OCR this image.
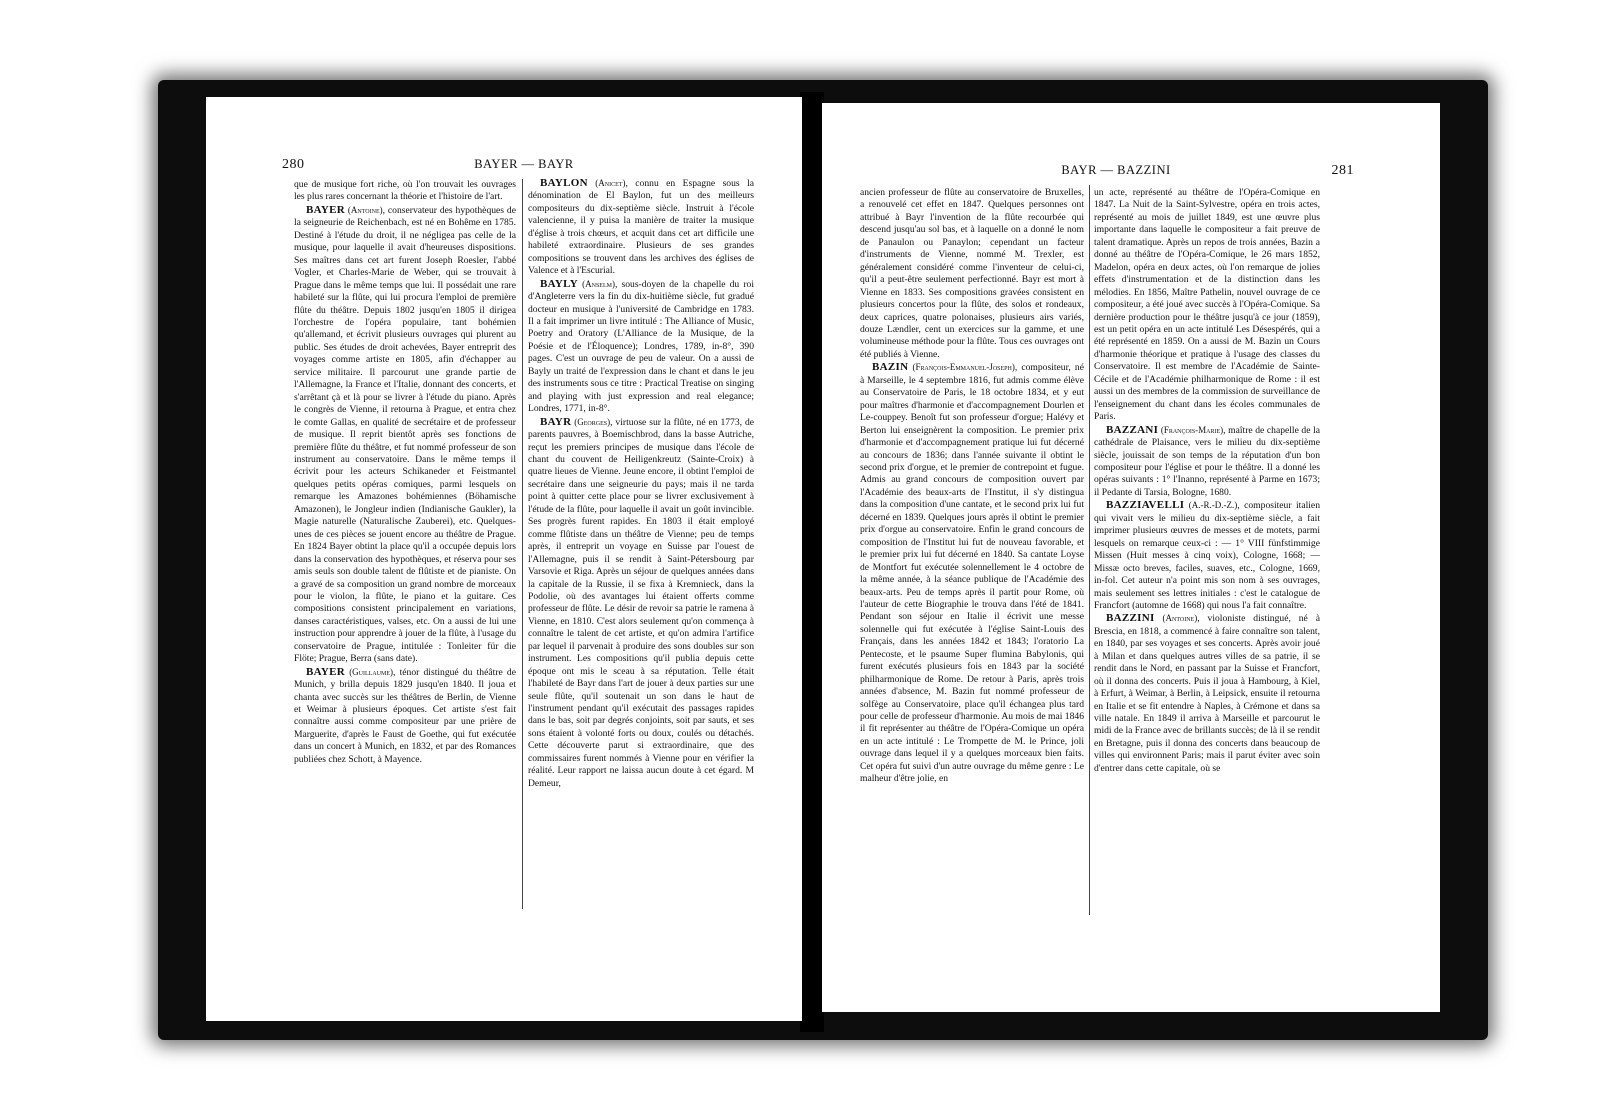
280	BAYER — BAYR

que de musique fort riche, où l'on trouvait les ouvrages les plus rares concernant la théorie et l'histoire de l'art.

BAYER (Antoine), conservateur des hypothèques de la seigneurie de Reichenbach, est né en Bohême en 1785. Destiné à l'étude du droit, il ne négligea pas celle de la musique, pour laquelle il avait d'heureuses dispositions. Ses maîtres dans cet art furent Joseph Roesler, l'abbé Vogler, et Charles-Marie de Weber, qui se trouvait à Prague dans le même temps que lui. Il possédait une rare habileté sur la flûte, qui lui procura l'emploi de première flûte du théâtre. Depuis 1802 jusqu'en 1805 il dirigea l'orchestre de l'opéra populaire, tant bohémien qu'allemand, et écrivit plusieurs ouvrages qui plurent au public. Ses études de droit achevées, Bayer entreprit des voyages comme artiste en 1805, afin d'échapper au service militaire. Il parcourut une grande partie de l'Allemagne, la France et l'Italie, donnant des concerts, et s'arrêtant çà et là pour se livrer à l'étude du piano. Après le congrès de Vienne, il retourna à Prague, et entra chez le comte Gallas, en qualité de secrétaire et de professeur de musique. Il reprit bientôt après ses fonctions de première flûte du théâtre, et fut nommé professeur de son instrument au conservatoire. Dans le même temps il écrivit pour les acteurs Schikaneder et Feistmantel quelques petits opéras comiques, parmi lesquels on remarque les Amazones bohémiennes (Böhamische Amazonen), le Jongleur indien (Indianische Gaukler), la Magie naturelle (Naturalische Zauberei), etc. Quelques-unes de ces pièces se jouent encore au théâtre de Prague. En 1824 Bayer obtint la place qu'il a occupée depuis lors dans la conservation des hypothèques, et réserva pour ses amis seuls son double talent de flûtiste et de pianiste. On a gravé de sa composition un grand nombre de morceaux pour le violon, la flûte, le piano et la guitare. Ces compositions consistent principalement en variations, danses caractéristiques, valses, etc. On a aussi de lui une instruction pour apprendre à jouer de la flûte, à l'usage du conservatoire de Prague, intitulée : Tonleiter für die Flöte; Prague, Berra (sans date).

BAYER (Guillaume), ténor distingué du théâtre de Munich, y brilla depuis 1829 jusqu'en 1840. Il joua et chanta avec succès sur les théâtres de Berlin, de Vienne et Weimar à plusieurs époques. Cet artiste s'est fait connaître aussi comme compositeur par une prière de Marguerite, d'après le Faust de Goethe, qui fut exécutée dans un concert à Munich, en 1832, et par des Romances publiées chez Schott, à Mayence.

BAYLON (Anicet), connu en Espagne sous la dénomination de El Baylon, fut un des meilleurs compositeurs du dix-septième siècle. Instruit à l'école valencienne, il y puisa la manière de traiter la musique d'église à trois chœurs, et acquit dans cet art difficile une habileté extraordinaire. Plusieurs de ses grandes compositions se trouvent dans les archives des églises de Valence et à l'Escurial.

BAYLY (Anselm), sous-doyen de la chapelle du roi d'Angleterre vers la fin du dix-huitième siècle, fut gradué docteur en musique à l'université de Cambridge en 1783. Il a fait imprimer un livre intitulé : The Alliance of Music, Poetry and Oratory (L'Alliance de la Musique, de la Poésie et de l'Éloquence); Londres, 1789, in-8°, 390 pages. C'est un ouvrage de peu de valeur. On a aussi de Bayly un traité de l'expression dans le chant et dans le jeu des instruments sous ce titre : Practical Treatise on singing and playing with just expression and real elegance; Londres, 1771, in-8°.

BAYR (Georges), virtuose sur la flûte, né en 1773, de parents pauvres, à Boemischbrod, dans la basse Autriche, reçut les premiers principes de musique dans l'école de chant du couvent de Heiligenkreutz (Sainte-Croix) à quatre lieues de Vienne. Jeune encore, il obtint l'emploi de secrétaire dans une seigneurie du pays; mais il ne tarda point à quitter cette place pour se livrer exclusivement à l'étude de la flûte, pour laquelle il avait un goût invincible. Ses progrès furent rapides. En 1803 il était employé comme flûtiste dans un théâtre de Vienne; peu de temps après, il entreprit un voyage en Suisse par l'ouest de l'Allemagne, puis il se rendit à Saint-Pétersbourg par Varsovie et Riga. Après un séjour de quelques années dans la capitale de la Russie, il se fixa à Kremnieck, dans la Podolie, où des avantages lui étaient offerts comme professeur de flûte. Le désir de revoir sa patrie le ramena à Vienne, en 1810. C'est alors seulement qu'on commença à connaître le talent de cet artiste, et qu'on admira l'artifice par lequel il parvenait à produire des sons doubles sur son instrument. Les compositions qu'il publia depuis cette époque ont mis le sceau à sa réputation. Telle était l'habileté de Bayr dans l'art de jouer à deux parties sur une seule flûte, qu'il soutenait un son dans le haut de l'instrument pendant qu'il exécutait des passages rapides dans le bas, soit par degrés conjoints, soit par sauts, et ses sons étaient à volonté forts ou doux, coulés ou détachés. Cette découverte parut si extraordinaire, que des commissaires furent nommés à Vienne pour en vérifier la réalité. Leur rapport ne laissa aucun doute à cet égard. M Demeur,

BAYR — BAZZINI	281

ancien professeur de flûte au conservatoire de Bruxelles, a renouvelé cet effet en 1847. Quelques personnes ont attribué à Bayr l'invention de la flûte recourbée qui descend jusqu'au sol bas, et à laquelle on a donné le nom de Panaulon ou Panaylon; cependant un facteur d'instruments de Vienne, nommé M. Trexler, est généralement considéré comme l'inventeur de celui-ci, qu'il a peut-être seulement perfectionné. Bayr est mort à Vienne en 1833. Ses compositions gravées consistent en plusieurs concertos pour la flûte, des solos et rondeaux, deux caprices, quatre polonaises, plusieurs airs variés, douze Lændler, cent un exercices sur la gamme, et une volumineuse méthode pour la flûte. Tous ces ouvrages ont été publiés à Vienne.

BAZIN (François-Emmanuel-Joseph), compositeur, né à Marseille, le 4 septembre 1816, fut admis comme élève au Conservatoire de Paris, le 18 octobre 1834, et y eut pour maîtres d'harmonie et d'accompagnement Dourlen et Le-couppey. Benoît fut son professeur d'orgue; Halévy et Berton lui enseignèrent la composition. Le premier prix d'harmonie et d'accompagnement pratique lui fut décerné au concours de 1836; dans l'année suivante il obtint le second prix d'orgue, et le premier de contrepoint et fugue. Admis au grand concours de composition ouvert par l'Académie des beaux-arts de l'Institut, il s'y distingua dans la composition d'une cantate, et le second prix lui fut décerné en 1839. Quelques jours après il obtint le premier prix d'orgue au conservatoire. Enfin le grand concours de composition de l'Institut lui fut de nouveau favorable, et le premier prix lui fut décerné en 1840. Sa cantate Loyse de Montfort fut exécutée solennellement le 4 octobre de la même année, à la séance publique de l'Académie des beaux-arts. Peu de temps après il partit pour Rome, où l'auteur de cette Biographie le trouva dans l'été de 1841. Pendant son séjour en Italie il écrivit une messe solennelle qui fut exécutée à l'église Saint-Louis des Français, dans les années 1842 et 1843; l'oratorio La Pentecoste, et le psaume Super flumina Babylonis, qui furent exécutés plusieurs fois en 1843 par la société philharmonique de Rome. De retour à Paris, après trois années d'absence, M. Bazin fut nommé professeur de solfège au Conservatoire, place qu'il échangea plus tard pour celle de professeur d'harmonie. Au mois de mai 1846 il fit représenter au théâtre de l'Opéra-Comique un opéra en un acte intitulé : Le Trompette de M. le Prince, joli ouvrage dans lequel il y a quelques morceaux bien faits. Cet opéra fut suivi d'un autre ouvrage du même genre : Le malheur d'être jolie, en

un acte, représenté au théâtre de l'Opéra-Comique en 1847. La Nuit de la Saint-Sylvestre, opéra en trois actes, représenté au mois de juillet 1849, est une œuvre plus importante dans laquelle le compositeur a fait preuve de talent dramatique. Après un repos de trois années, Bazin a donné au théâtre de l'Opéra-Comique, le 26 mars 1852, Madelon, opéra en deux actes, où l'on remarque de jolies effets d'instrumentation et de la distinction dans les mélodies. En 1856, Maître Pathelin, nouvel ouvrage de ce compositeur, a été joué avec succès à l'Opéra-Comique. Sa dernière production pour le théâtre jusqu'à ce jour (1859), est un petit opéra en un acte intitulé Les Désespérés, qui a été représenté en 1859. On a aussi de M. Bazin un Cours d'harmonie théorique et pratique à l'usage des classes du Conservatoire. Il est membre de l'Académie de Sainte-Cécile et de l'Académie philharmonique de Rome : il est aussi un des membres de la commission de surveillance de l'enseignement du chant dans les écoles communales de Paris.

BAZZANI (François-Marie), maître de chapelle de la cathédrale de Plaisance, vers le milieu du dix-septième siècle, jouissait de son temps de la réputation d'un bon compositeur pour l'église et pour le théâtre. Il a donné les opéras suivants : 1° l'Inanno, représenté à Parme en 1673; il Pedante di Tarsia, Bologne, 1680.

BAZZIAVELLI (A.-R.-D.-Z.), compositeur italien qui vivait vers le milieu du dix-septième siècle, a fait imprimer plusieurs œuvres de messes et de motets, parmi lesquels on remarque ceux-ci : — 1° VIII fünfstimmige Missen (Huit messes à cinq voix), Cologne, 1668; — Missæ octo breves, faciles, suaves, etc., Cologne, 1669, in-fol. Cet auteur n'a point mis son nom à ses ouvrages, mais seulement ses lettres initiales : c'est le catalogue de Francfort (automne de 1668) qui nous l'a fait connaître.

BAZZINI (Antoine), violoniste distingué, né à Brescia, en 1818, a commencé à faire connaître son talent, en 1840, par ses voyages et ses concerts. Après avoir joué à Milan et dans quelques autres villes de sa patrie, il se rendit dans le Nord, en passant par la Suisse et Francfort, où il donna des concerts. Puis il joua à Hambourg, à Kiel, à Erfurt, à Weimar, à Berlin, à Leipsick, ensuite il retourna en Italie et se fit entendre à Naples, à Crémone et dans sa ville natale. En 1849 il arriva à Marseille et parcourut le midi de la France avec de brillants succès; de là il se rendit en Bretagne, puis il donna des concerts dans beaucoup de villes qui environnent Paris; mais il parut éviter avec soin d'entrer dans cette capitale, où se
